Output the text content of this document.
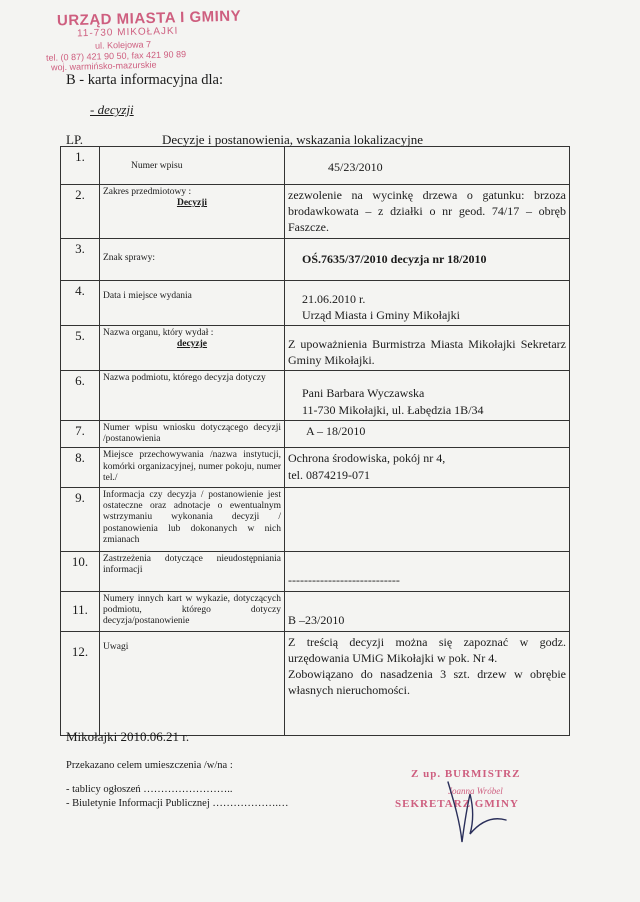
URZĄD MIASTA I GMINY
11-730 MIKOŁAJKI
ul. Kolejowa 7
tel. (0 87) 421 90 50, fax 421 90 89
woj. warmińsko-mazurskie
B - karta informacyjna dla:
- decyzji
LP.	Decyzje i postanowienia, wskazania lokalizacyjne
1.	Numer wpisu	45/23/2010

2.	Zakres przedmiotowy :
Decyzji	zezwolenie na wycinkę drzewa o gatunku: brzoza brodawkowata – z działki o nr geod. 74/17 – obręb Faszcze.
3.	Znak sprawy:	OŚ.7635/37/2010 decyzja nr 18/2010

4.	Data i miejsce wydania	21.06.2010 r.
Urząd Miasta i Gminy Mikołajki

5.	Nazwa organu, który wydał :
decyzje	Z upoważnienia Burmistrza Miasta Mikołajki Sekretarz Gminy Mikołajki.

6.	Nazwa podmiotu, którego decyzja dotyczy	Pani Barbara Wyczawska
11-730 Mikołajki, ul. Łabędzia 1B/34

7.	Numer wpisu wniosku dotyczącego decyzji /postanowienia	A – 18/2010

8.	Miejsce przechowywania /nazwa instytucji, komórki organizacyjnej, numer pokoju, numer tel./	Ochrona środowiska, pokój nr 4,
tel. 0874219-071

9.	Informacja czy decyzja / postanowienie jest ostateczne oraz adnotacje o ewentualnym wstrzymaniu wykonania decyzji / postanowienia lub dokonanych w nich zmianach	
10.	Zastrzeżenia dotyczące nieudostępniania informacji	----------------------------

11.	Numery innych kart w wykazie, dotyczących podmiotu, którego dotyczy decyzja/postanowienie	B –23/2010

12.	Uwagi	Z treścią decyzji można się zapoznać w godz. urzędowania UMiG Mikołajki w pok. Nr 4.
Zobowiązano do nasadzenia 3 szt. drzew w obrębie własnych nieruchomości.
Mikołajki 2010.06.21 r.
Przekazano celem umieszczenia /w/na :
- tablicy ogłoszeń ……………………..
- Biuletynie Informacji Publicznej ……………….…
Z up. BURMISTRZ
Joanna Wróbel
SEKRETARZ GMINY
